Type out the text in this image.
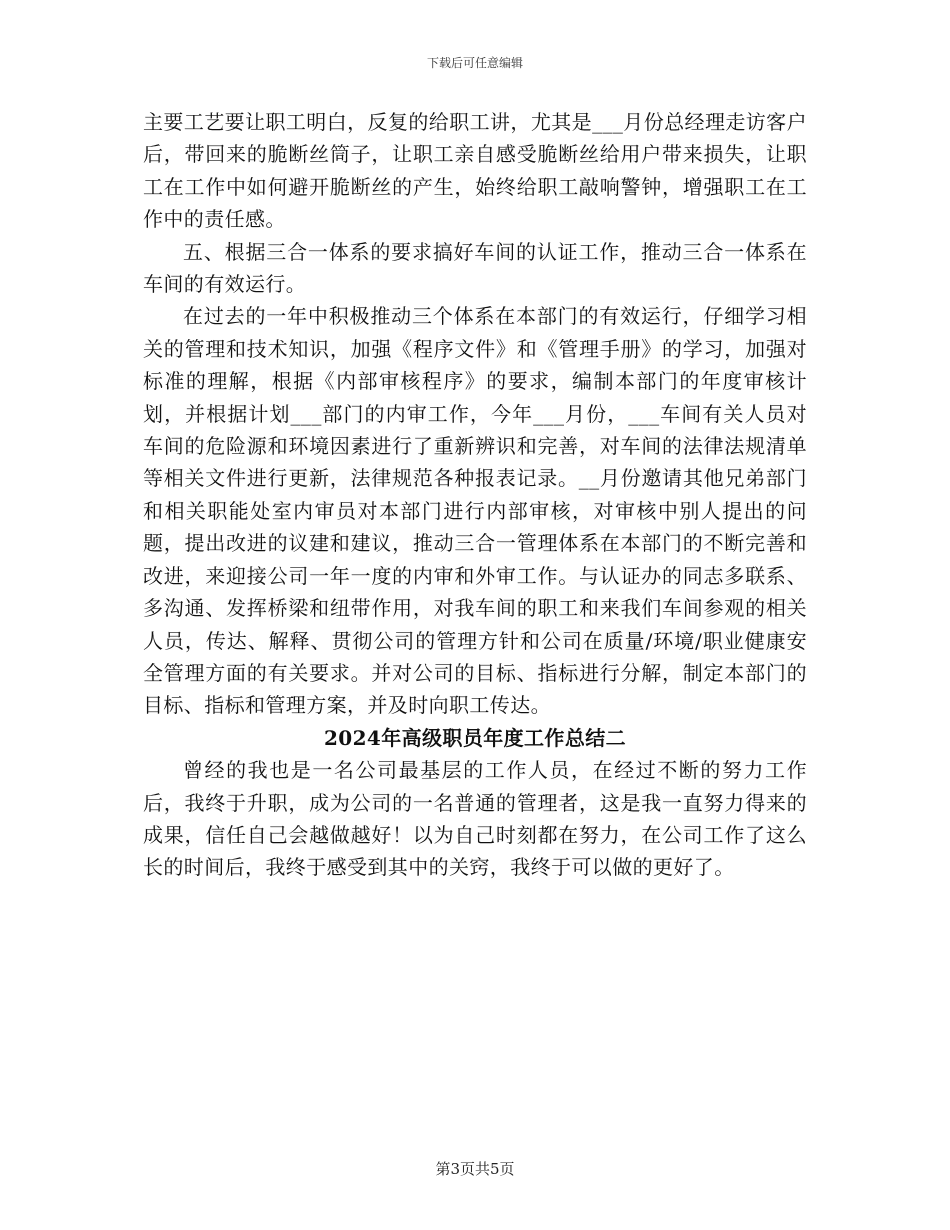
下载后可任意编辑

主要工艺要让职工明白，反复的给职工讲，尤其是___月份总经理走访客户后，带回来的脆断丝筒子，让职工亲自感受脆断丝给用户带来损失，让职工在工作中如何避开脆断丝的产生，始终给职工敲响警钟，增强职工在工作中的责任感。

五、根据三合一体系的要求搞好车间的认证工作，推动三合一体系在车间的有效运行。

在过去的一年中积极推动三个体系在本部门的有效运行，仔细学习相关的管理和技术知识，加强《程序文件》和《管理手册》的学习，加强对标准的理解，根据《内部审核程序》的要求，编制本部门的年度审核计划，并根据计划___部门的内审工作，今年___月份，___车间有关人员对车间的危险源和环境因素进行了重新辨识和完善，对车间的法律法规清单等相关文件进行更新，法律规范各种报表记录。__月份邀请其他兄弟部门和相关职能处室内审员对本部门进行内部审核，对审核中别人提出的问题，提出改进的议建和建议，推动三合一管理体系在本部门的不断完善和改进，来迎接公司一年一度的内审和外审工作。与认证办的同志多联系、多沟通、发挥桥梁和纽带作用，对我车间的职工和来我们车间参观的相关人员，传达、解释、贯彻公司的管理方针和公司在质量/环境/职业健康安全管理方面的有关要求。并对公司的目标、指标进行分解，制定本部门的目标、指标和管理方案，并及时向职工传达。

2024年高级职员年度工作总结二

曾经的我也是一名公司最基层的工作人员，在经过不断的努力工作后，我终于升职，成为公司的一名普通的管理者，这是我一直努力得来的成果，信任自己会越做越好！以为自己时刻都在努力，在公司工作了这么长的时间后，我终于感受到其中的关窍，我终于可以做的更好了。

第3页共5页
